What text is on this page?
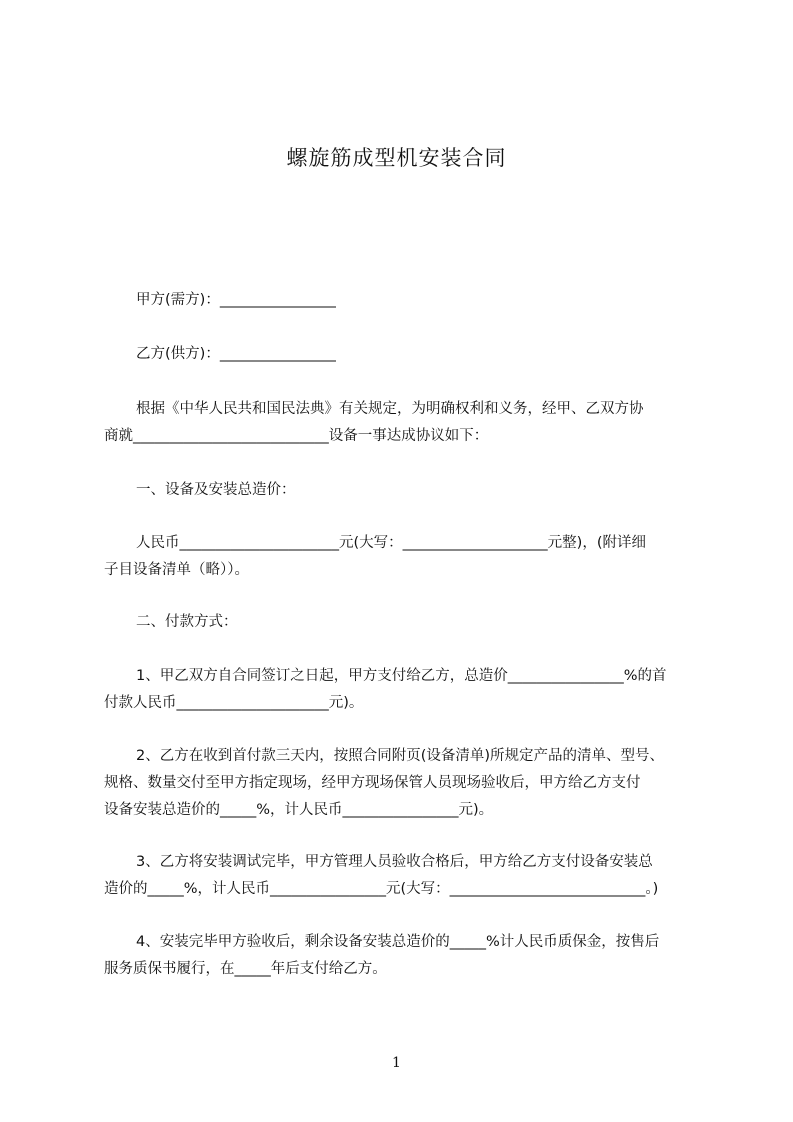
螺旋筋成型机安装合同

甲方(需方)：________________

乙方(供方)：________________

根据《中华人民共和国民法典》有关规定，为明确权利和义务，经甲、乙双方协

商就___________________________设备一事达成协议如下：

一、设备及安装总造价：

人民币______________________元(大写：____________________元整)，(附详细

子目设备清单（略））。

二、付款方式：

1、甲乙双方自合同签订之日起，甲方支付给乙方，总造价________________%的首

付款人民币_____________________元)。

2、乙方在收到首付款三天内，按照合同附页(设备清单)所规定产品的清单、型号、

规格、数量交付至甲方指定现场，经甲方现场保管人员现场验收后，甲方给乙方支付

设备安装总造价的_____%，计人民币________________元)。

3、乙方将安装调试完毕，甲方管理人员验收合格后，甲方给乙方支付设备安装总

造价的_____%，计人民币________________元(大写：___________________________。)

4、安装完毕甲方验收后，剩余设备安装总造价的_____%计人民币质保金，按售后

服务质保书履行，在_____年后支付给乙方。

1
